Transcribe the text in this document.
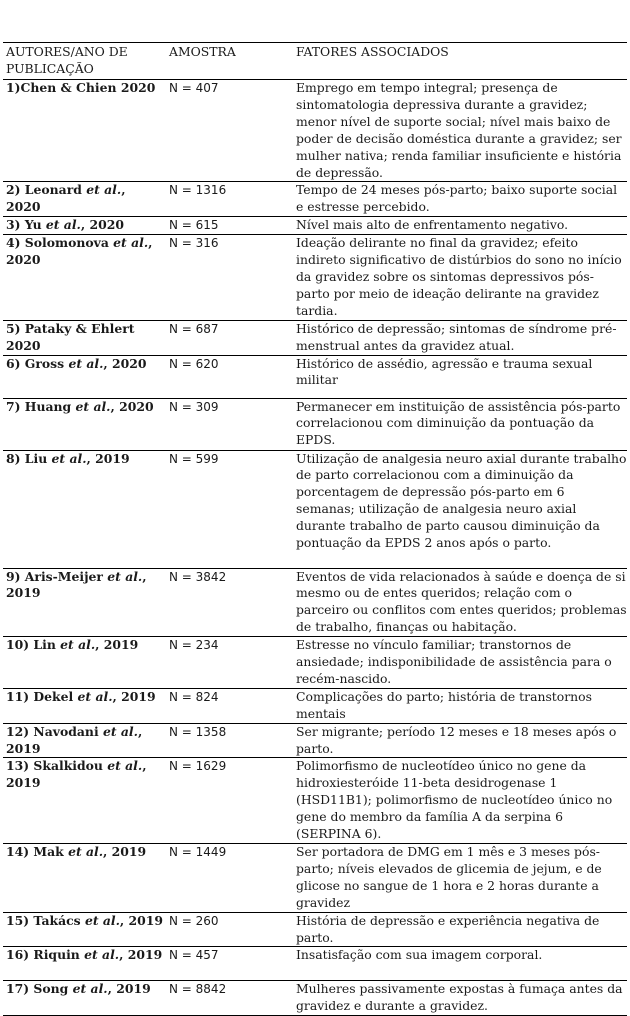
AUTORES/ANO DE PUBLICAÇÃO	AMOSTRA	FATORES ASSOCIADOS
1)Chen & Chien 2020	N = 407	Emprego em tempo integral; presença de sintomatologia depressiva durante a gravidez; menor nível de suporte social; nível mais baixo de poder de decisão doméstica durante a gravidez; ser mulher nativa; renda familiar insuficiente e história de depressão.
2) Leonard et al., 2020	N = 1316	Tempo de 24 meses pós-parto; baixo suporte social e estresse percebido.
3) Yu et al., 2020	N = 615	Nível mais alto de enfrentamento negativo.
4) Solomonova et al., 2020	N = 316	Ideação delirante no final da gravidez; efeito indireto significativo de distúrbios do sono no início da gravidez sobre os sintomas depressivos pós-parto por meio de ideação delirante na gravidez tardia.
5) Pataky & Ehlert 2020	N = 687	Histórico de depressão; sintomas de síndrome pré-menstrual antes da gravidez atual.
6) Gross et al., 2020	N = 620	Histórico de assédio, agressão e trauma sexual militar
7) Huang et al., 2020	N = 309	Permanecer em instituição de assistência pós-parto correlacionou com diminuição da pontuação da EPDS.
8) Liu et al., 2019	N = 599	Utilização de analgesia neuro axial durante trabalho de parto correlacionou com a diminuição da porcentagem de depressão pós-parto em 6 semanas; utilização de analgesia neuro axial durante trabalho de parto causou diminuição da pontuação da EPDS 2 anos após o parto.
9) Aris-Meijer et al., 2019	N = 3842	Eventos de vida relacionados à saúde e doença de si mesmo ou de entes queridos; relação com o parceiro ou conflitos com entes queridos; problemas de trabalho, finanças ou habitação.
10) Lin et al., 2019	N = 234	Estresse no vínculo familiar; transtornos de ansiedade; indisponibilidade de assistência para o recém-nascido.
11) Dekel et al., 2019	N = 824	Complicações do parto; história de transtornos mentais
12) Navodani et al., 2019	N = 1358	Ser migrante; período 12 meses e 18 meses após o parto.
13) Skalkidou et al., 2019	N = 1629	Polimorfismo de nucleotídeo único no gene da hidroxiesteróide 11-beta desidrogenase 1 (HSD11B1); polimorfismo de nucleotídeo único no gene do membro da família A da serpina 6 (SERPINA 6).
14) Mak et al., 2019	N = 1449	Ser portadora de DMG em 1 mês e 3 meses pós-parto; níveis elevados de glicemia de jejum, e de glicose no sangue de 1 hora e 2 horas durante a gravidez
15) Takács et al., 2019	N = 260	História de depressão e experiência negativa de parto.
16) Riquin et al., 2019	N = 457	Insatisfação com sua imagem corporal.
17) Song et al., 2019	N = 8842	Mulheres passivamente expostas à fumaça antes da gravidez e durante a gravidez.
